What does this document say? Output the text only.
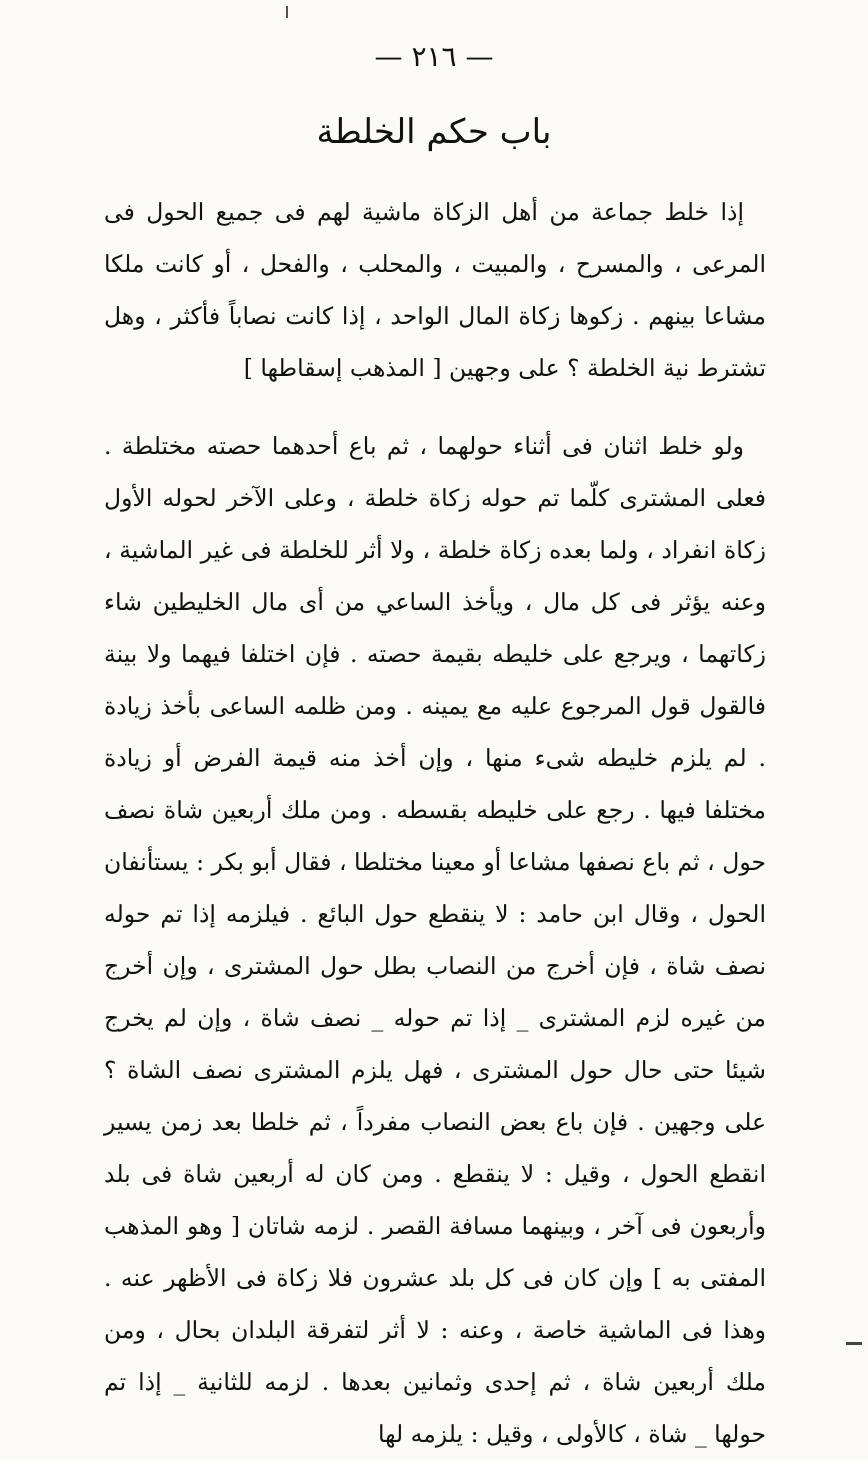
— ٢١٦ —
باب حكم الخلطة

إذا خلط جماعة من أهل الزكاة ماشية لهم فى جميع الحول فى المرعى ، والمسرح ، والمبيت ، والمحلب ، والفحل ، أو كانت ملكا مشاعا بينهم . زكوها زكاة المال الواحد ، إذا كانت نصاباً فأكثر ، وهل تشترط نية الخلطة ؟ على وجهين [ المذهب إسقاطها ]

ولو خلط اثنان فى أثناء حولهما ، ثم باع أحدهما حصته مختلطة . فعلى المشترى كلّما تم حوله زكاة خلطة ، وعلى الآخر لحوله الأول زكاة انفراد ، ولما بعده زكاة خلطة ، ولا أثر للخلطة فى غير الماشية ، وعنه يؤثر فى كل مال ، ويأخذ الساعي من أى مال الخليطين شاء زكاتهما ، ويرجع على خليطه بقيمة حصته . فإن اختلفا فيهما ولا بينة فالقول قول المرجوع عليه مع يمينه . ومن ظلمه الساعى بأخذ زيادة . لم يلزم خليطه شىء منها ، وإن أخذ منه قيمة الفرض أو زيادة مختلفا فيها . رجع على خليطه بقسطه . ومن ملك أربعين شاة نصف حول ، ثم باع نصفها مشاعا أو معينا مختلطا ، فقال أبو بكر : يستأنفان الحول ، وقال ابن حامد : لا ينقطع حول البائع . فيلزمه إذا تم حوله نصف شاة ، فإن أخرج من النصاب بطل حول المشترى ، وإن أخرج من غيره لزم المشترى _ إذا تم حوله _ نصف شاة ، وإن لم يخرج شيئا حتى حال حول المشترى ، فهل يلزم المشترى نصف الشاة ؟ على وجهين . فإن باع بعض النصاب مفرداً ، ثم خلطا بعد زمن يسير انقطع الحول ، وقيل : لا ينقطع . ومن كان له أربعين شاة فى بلد وأربعون فى آخر ، وبينهما مسافة القصر . لزمه شاتان [ وهو المذهب المفتى به ] وإن كان فى كل بلد عشرون فلا زكاة فى الأظهر عنه . وهذا فى الماشية خاصة ، وعنه : لا أثر لتفرقة البلدان بحال ، ومن ملك أربعين شاة ، ثم إحدى وثمانين بعدها . لزمه للثانية _ إذا تم حولها _ شاة ، كالأولى ، وقيل : يلزمه لها
